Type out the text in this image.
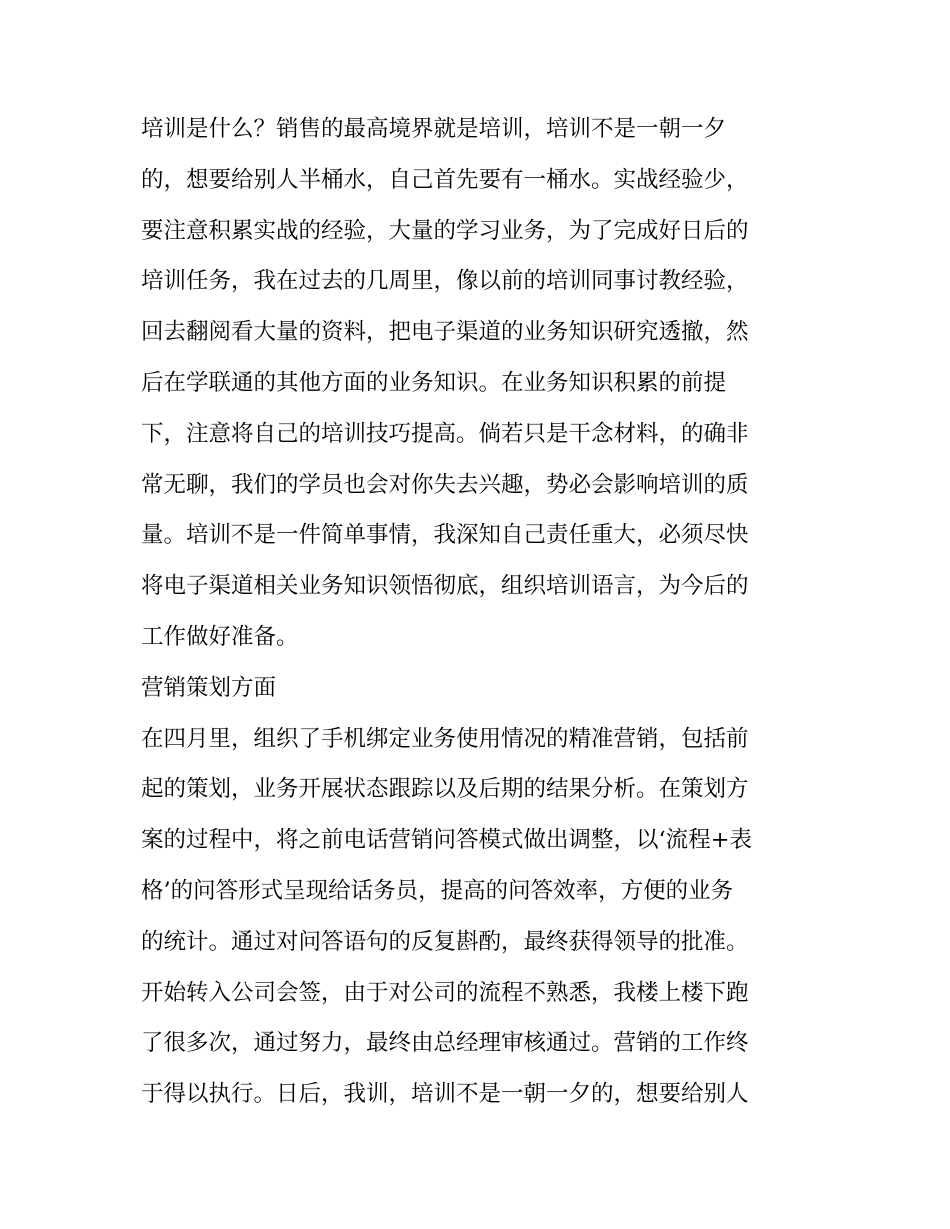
培训是什么？销售的最高境界就是培训，培训不是一朝一夕
的，想要给别人半桶水，自己首先要有一桶水。实战经验少，
要注意积累实战的经验，大量的学习业务，为了完成好日后的
培训任务，我在过去的几周里，像以前的培训同事讨教经验，
回去翻阅看大量的资料，把电子渠道的业务知识研究透撤，然
后在学联通的其他方面的业务知识。在业务知识积累的前提
下，注意将自己的培训技巧提高。倘若只是干念材料，的确非
常无聊，我们的学员也会对你失去兴趣，势必会影响培训的质
量。培训不是一件简单事情，我深知自己责任重大，必须尽快
将电子渠道相关业务知识领悟彻底，组织培训语言，为今后的
工作做好准备。
营销策划方面
在四月里，组织了手机绑定业务使用情况的精准营销，包括前
起的策划，业务开展状态跟踪以及后期的结果分析。在策划方
案的过程中，将之前电话营销问答模式做出调整，以‘流程+表
格’的问答形式呈现给话务员，提高的问答效率，方便的业务
的统计。通过对问答语句的反复斟酌，最终获得领导的批准。
开始转入公司会签，由于对公司的流程不熟悉，我楼上楼下跑
了很多次，通过努力，最终由总经理审核通过。营销的工作终
于得以执行。日后，我训，培训不是一朝一夕的，想要给别人
